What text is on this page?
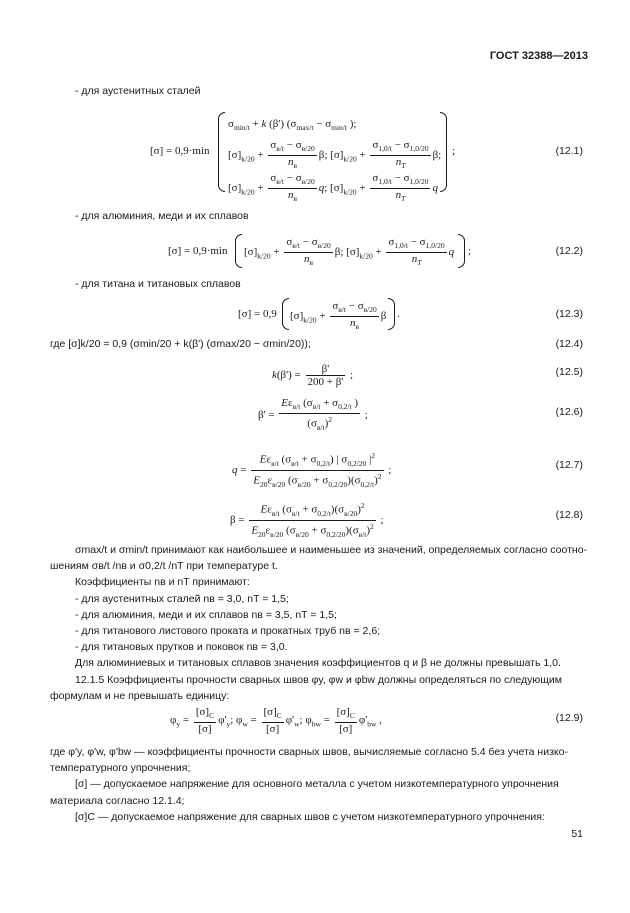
ГОСТ 32388—2013
- для аустенитных сталей
[σ] = 0,9·min
$\sigma_{min/t} + k$ (β') ($\sigma_{max/t} - \sigma_{min/t}$ );
$[\sigma]_{k/20} + \frac{\sigma_{в/t} - \sigma_{в/20}}{n_в} \beta$; $[\sigma]_{k/20} + \frac{\sigma_{1,0/t} - \sigma_{1,0/20}}{n_T} \beta$;
$[\sigma]_{k/20} + \frac{\sigma_{в/t} - \sigma_{в/20}}{n_в} q$; $[\sigma]_{k/20} + \frac{\sigma_{1,0/t} - \sigma_{1,0/20}}{n_T}$ q
;	(12.1)
- для алюминия, меди и их сплавов
[σ] = 0,9·min $[\sigma]_{k/20} + \frac{\sigma_{в/t} - \sigma_{в/20}}{n_в} \beta$; $[\sigma]_{k/20} + \frac{\sigma_{1,0/t} - \sigma_{1,0/20}}{n_T}$ q ;	(12.2)
- для титана и титановых сплавов
[σ] = 0,9 $[\sigma]_{k/20} + \frac{\sigma_{в/t} - \sigma_{в/20}}{n_в}$ β .	(12.3)
где [σ]k/20 = 0,9 (σmin/20 + k(β') (σmax/20 − σmin/20));	(12.4)
$k(\beta') = \frac{\beta'}{200 + \beta'}$ ;	(12.5)
$\beta' = \frac{E\varepsilon_{в/t} (\sigma_{в/t} + \sigma_{0,2/t} )}{(\sigma_{в/t})^2}$ ;	(12.6)
$q = \frac{E\varepsilon_{в/t} (\sigma_{в/t} + \sigma_{0,2/t}) | \sigma_{0,2/20} |^2}{E_{20}\varepsilon_{в/20} (\sigma_{в/20} + \sigma_{0,2/20})(\sigma_{0,2/t})^2}$ ;	(12.7)
$\beta = \frac{E\varepsilon_{в/t} (\sigma_{в/t} + \sigma_{0,2/t})(\sigma_{в/20})^2}{E_{20}\varepsilon_{в/20} (\sigma_{в/20} + \sigma_{0,2/20})(\sigma_{в/t})^2}$ ;	(12.8)
σmax/t и σmin/t принимают как наибольшее и наименьшее из значений, определяемых согласно соотно-
шениям σв/t /nв и σ0,2/t /nT при температуре t.
Коэффициенты nв и nT принимают:
- для аустенитных сталей nв = 3,0, nT = 1,5;
- для алюминия, меди и их сплавов nв = 3,5, nT = 1,5;
- для титанового листового проката и прокатных труб nв = 2,6;
- для титановых прутков и поковок nв = 3,0.
Для алюминиевых и титановых сплавов значения коэффициентов q и β не должны превышать 1,0.
12.1.5 Коэффициенты прочности сварных швов φy, φw и φbw должны определяться по следующим
формулам и не превышать единицу:
$\varphi_y = \frac{[\sigma]_C}{[\sigma]} \varphi'_y$; $\varphi_w = \frac{[\sigma]_C}{[\sigma]} \varphi'_w$; $\varphi_{bw} = \frac{[\sigma]_C}{[\sigma]} \varphi'_{bw}$ ,	(12.9)
где φ'y, φ'w, φ'bw — коэффициенты прочности сварных швов, вычисляемые согласно 5.4 без учета низко-
температурного упрочнения;
[σ] — допускаемое напряжение для основного металла с учетом низкотемпературного упрочнения
материала согласно 12.1.4;
[σ]C — допускаемое напряжение для сварных швов с учетом низкотемпературного упрочнения:
51
